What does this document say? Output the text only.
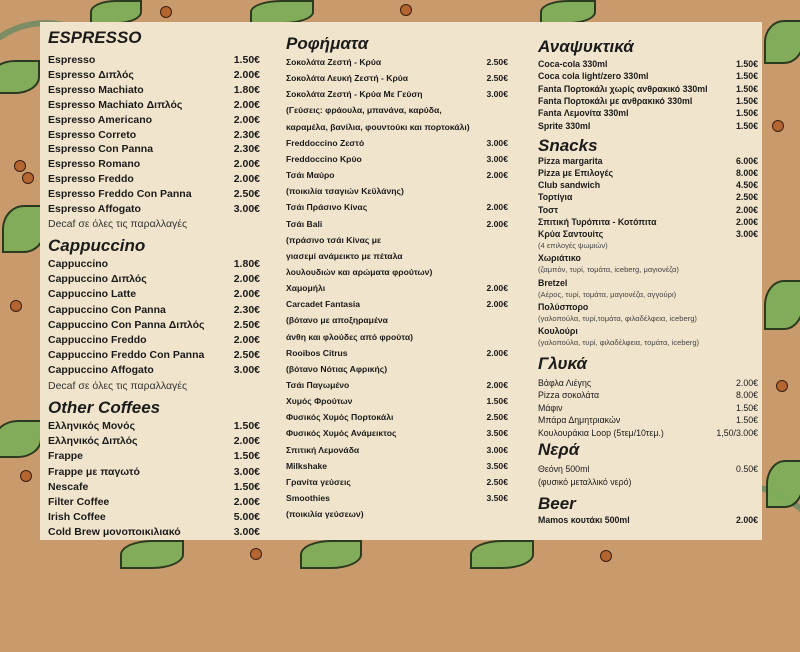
ESPRESSO
Espresso	1.50€
Espresso Διπλός	2.00€
Espresso Machiato	1.80€
Espresso Machiato Διπλός	2.00€
Espresso Americano	2.00€
Espresso Correto	2.30€
Espresso Con Panna	2.30€
Espresso Romano	2.00€
Espresso Freddo	2.00€
Espresso Freddo Con Panna	2.50€
Espresso Affogato	3.00€
Decaf σε όλες τις παραλλαγές
Cappuccino
Cappuccino	1.80€
Cappuccino Διπλός	2.00€
Cappuccino Latte	2.00€
Cappuccino Con Panna	2.30€
Cappuccino Con Panna Διπλός	2.50€
Cappuccino Freddo	2.00€
Cappuccino Freddo Con Panna	2.50€
Cappuccino Affogato	3.00€
Decaf σε όλες τις παραλλαγές
Other Coffees
Ελληνικός Μονός	1.50€
Ελληνικός Διπλός	2.00€
Frappe	1.50€
Frappe με παγωτό	3.00€
Nescafe	1.50€
Filter Coffee	2.00€
Irish Coffee	5.00€
Cold Brew μονοποικιλιακό	3.00€
Ροφήματα
Σοκολάτα Ζεστή - Κρύα	2.50€
Σοκολάτα Λευκή Ζεστή - Κρύα	2.50€
Σοκολάτα Ζεστή - Κρύα Με Γεύση	3.00€
(Γεύσεις: φράουλα, μπανάνα, καρύδα,
καραμέλα, βανίλια, φουντούκι και πορτοκάλι)
Freddoccino Ζεστό	3.00€
Freddoccino Κρύο	3.00€
Τσάι Μαύρο	2.00€
(ποικιλία τσαγιών Κεϋλάνης)
Τσάι Πράσινο Κίνας	2.00€
Τσάι Bali	2.00€
(πράσινο τσάι Κίνας με
γιασεμί ανάμεικτο με πέταλα
λουλουδιών και αρώματα φρούτων)
Χαμομήλι	2.00€
Carcadet Fantasia	2.00€
(βότανο με αποξηραμένα
άνθη και φλούδες από φρούτα)
Rooibos Citrus	2.00€
(βότανο Νότιας Αφρικής)
Τσάι Παγωμένο	2.00€
Χυμός Φρούτων	1.50€
Φυσικός Χυμός Πορτοκάλι	2.50€
Φυσικός Χυμός Ανάμεικτος	3.50€
Σπιτική Λεμονάδα	3.00€
Milkshake	3.50€
Γρανίτα γεύσεις	2.50€
Smoothies	3.50€
(ποικιλία γεύσεων)
Αναψυκτικά
Coca-cola 330ml	1.50€
Coca cola light/zero 330ml	1.50€
Fanta Πορτοκάλι χωρίς ανθρακικό 330ml	1.50€
Fanta Πορτοκάλι με ανθρακικό 330ml	1.50€
Fanta Λεμονίτα 330ml	1.50€
Sprite 330ml	1.50€
Snacks
Pizza margarita	6.00€
Pizza με Επιλογές	8.00€
Club sandwich	4.50€
Τορτίγια	2.50€
Τοστ	2.00€
Σπιτική Τυρόπιτα - Κοτόπιτα	2.00€
Κρύα Σαντουίτς	3.00€
(4 επιλογές ψωμιών)
Χωριάτικο
(ζαμπόν, τυρί, τομάτα, iceberg, μαγιονέζα)
Bretzel
(Αέρος, τυρί, τομάτα, μαγιονέζα, αγγούρι)
Πολύσπορο
(γαλοπούλα, τυρί,τομάτα, φιλαδέλφεια, iceberg)
Κουλούρι
(γαλοπούλα, τυρί, φιλαδέλφεια, τομάτα, iceberg)
Γλυκά
Βάφλα Λιέγης	2.00€
Pizza σοκολάτα	8.00€
Μάφιν	1.50€
Μπάρα Δημητριακών	1.50€
Κουλουράκια Loop (5τεμ/10τεμ.)	1,50/3.00€
Νερά
Θεόνη 500ml	0.50€
(φυσικό μεταλλικό νερό)
Beer
Mamos κουτάκι 500ml	2.00€
